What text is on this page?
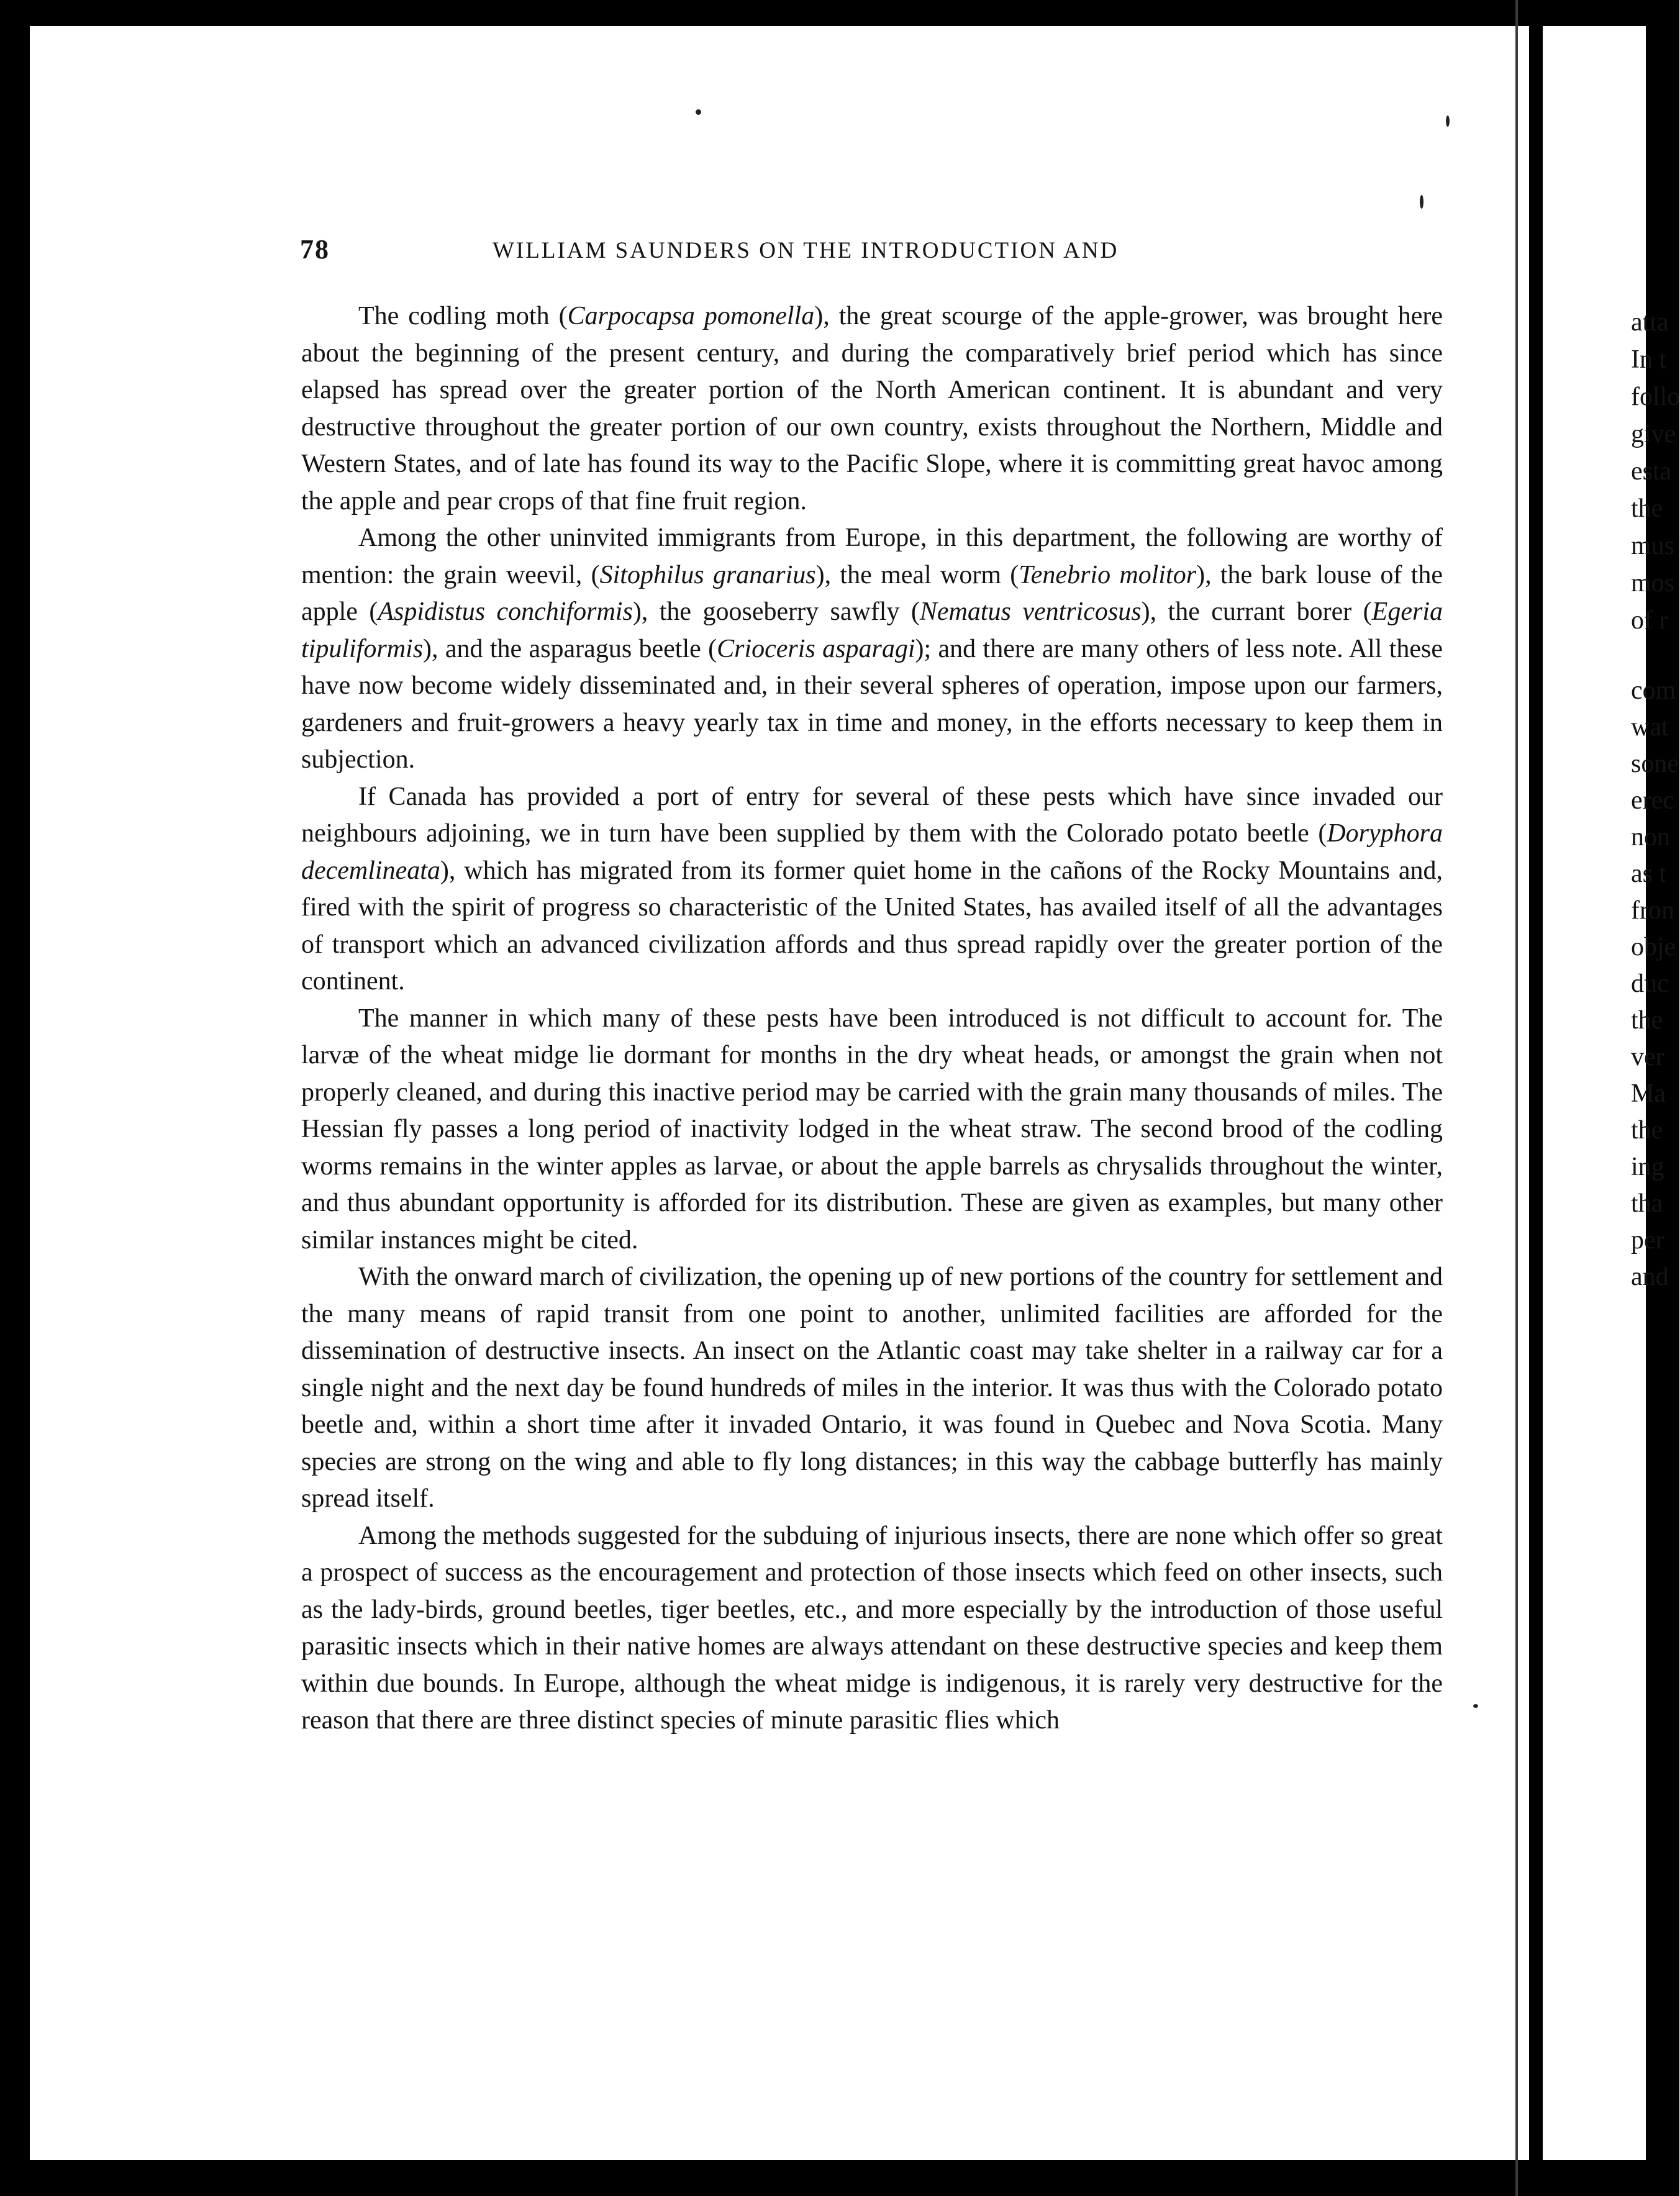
78	WILLIAM SAUNDERS ON THE INTRODUCTION AND

The codling moth (Carpocapsa pomonella), the great scourge of the apple-grower, was brought here about the beginning of the present century, and during the comparatively brief period which has since elapsed has spread over the greater portion of the North American continent. It is abundant and very destructive throughout the greater portion of our own country, exists throughout the Northern, Middle and Western States, and of late has found its way to the Pacific Slope, where it is committing great havoc among the apple and pear crops of that fine fruit region.

Among the other uninvited immigrants from Europe, in this department, the following are worthy of mention: the grain weevil, (Sitophilus granarius), the meal worm (Tenebrio molitor), the bark louse of the apple (Aspidistus conchiformis), the gooseberry sawfly (Nematus ventricosus), the currant borer (Egeria tipuliformis), and the asparagus beetle (Crioceris asparagi); and there are many others of less note. All these have now become widely disseminated and, in their several spheres of operation, impose upon our farmers, gardeners and fruit-growers a heavy yearly tax in time and money, in the efforts necessary to keep them in subjection.

If Canada has provided a port of entry for several of these pests which have since invaded our neighbours adjoining, we in turn have been supplied by them with the Colorado potato beetle (Doryphora decemlineata), which has migrated from its former quiet home in the cañons of the Rocky Mountains and, fired with the spirit of progress so characteristic of the United States, has availed itself of all the advantages of transport which an advanced civilization affords and thus spread rapidly over the greater portion of the continent.

The manner in which many of these pests have been introduced is not difficult to account for. The larvæ of the wheat midge lie dormant for months in the dry wheat heads, or amongst the grain when not properly cleaned, and during this inactive period may be carried with the grain many thousands of miles. The Hessian fly passes a long period of inactivity lodged in the wheat straw. The second brood of the codling worms remains in the winter apples as larvae, or about the apple barrels as chrysalids throughout the winter, and thus abundant opportunity is afforded for its distribution. These are given as examples, but many other similar instances might be cited.

With the onward march of civilization, the opening up of new portions of the country for settlement and the many means of rapid transit from one point to another, unlimited facilities are afforded for the dissemination of destructive insects. An insect on the Atlantic coast may take shelter in a railway car for a single night and the next day be found hundreds of miles in the interior. It was thus with the Colorado potato beetle and, within a short time after it invaded Ontario, it was found in Quebec and Nova Scotia. Many species are strong on the wing and able to fly long distances; in this way the cabbage butterfly has mainly spread itself.

Among the methods suggested for the subduing of injurious insects, there are none which offer so great a prospect of success as the encouragement and protection of those insects which feed on other insects, such as the lady-birds, ground beetles, tiger beetles, etc., and more especially by the introduction of those useful parasitic insects which in their native homes are always attendant on these destructive species and keep them within due bounds. In Europe, although the wheat midge is indigenous, it is rarely very destructive for the reason that there are three distinct species of minute parasitic flies which

atta
In t
follo
give
esta
the
mus
mos
of r
com
wat
sone
erec
non
as t
fron
obje
duc
the
ver
Ma
the
ing
tha
per
and
